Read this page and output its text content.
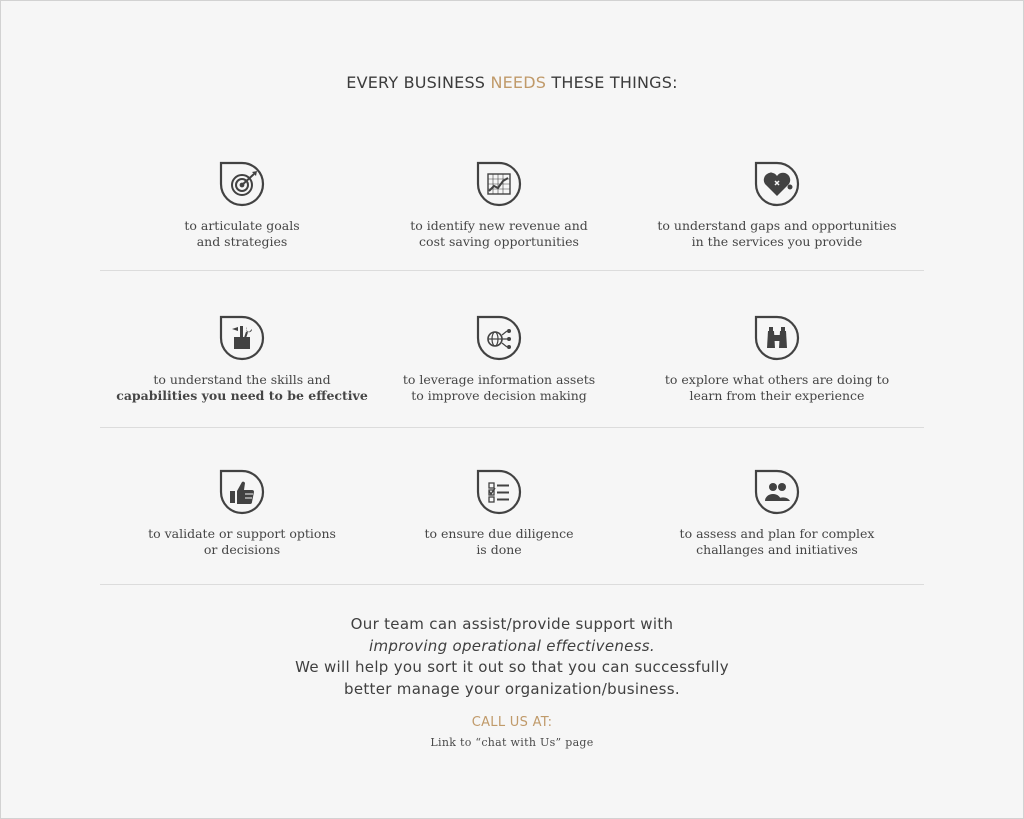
EVERY BUSINESS NEEDS THESE THINGS:
to articulate goals
and strategies
to identify new revenue and
cost saving opportunities
to understand gaps and opportunities
in the services you provide
to understand the skills and
capabilities you need to be effective
to leverage information assets
to improve decision making
to explore what others are doing to
learn from their experience
to validate or support options
or decisions
to ensure due diligence
is done
to assess and plan for complex
challanges and initiatives
Our team can assist/provide support with
improving operational effectiveness.
We will help you sort it out so that you can successfully
better manage your organization/business.
CALL US AT:
Link to “chat with Us” page
